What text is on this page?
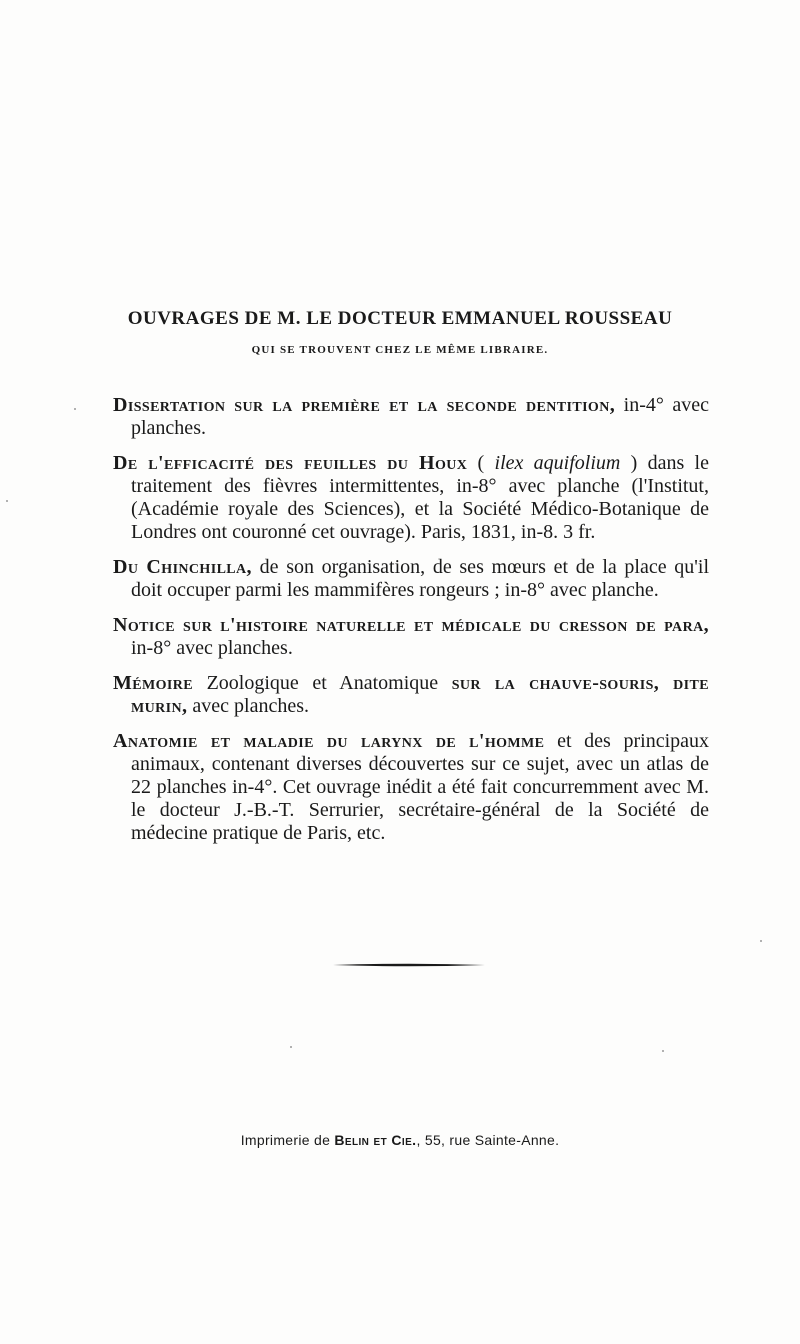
OUVRAGES DE M. LE DOCTEUR EMMANUEL ROUSSEAU
QUI SE TROUVENT CHEZ LE MÊME LIBRAIRE.

Dissertation sur la première et la seconde dentition, in-4° avec planches.

De l'efficacité des feuilles du Houx ( ilex aquifolium ) dans le traitement des fièvres intermittentes, in-8° avec planche (l'Institut, (Académie royale des Sciences), et la Société Médico-Botanique de Londres ont couronné cet ouvrage). Paris, 1831, in-8. 3 fr.

Du Chinchilla, de son organisation, de ses mœurs et de la place qu'il doit occuper parmi les mammifères rongeurs ; in-8° avec planche.

Notice sur l'histoire naturelle et médicale du cresson de para, in-8° avec planches.

Mémoire Zoologique et Anatomique sur la chauve-souris, dite murin, avec planches.

Anatomie et maladie du larynx de l'homme et des principaux animaux, contenant diverses découvertes sur ce sujet, avec un atlas de 22 planches in-4°. Cet ouvrage inédit a été fait concurremment avec M. le docteur J.-B.-T. Serrurier, secrétaire-général de la Société de médecine pratique de Paris, etc.

Imprimerie de Belin et Cie., 55, rue Sainte-Anne.
